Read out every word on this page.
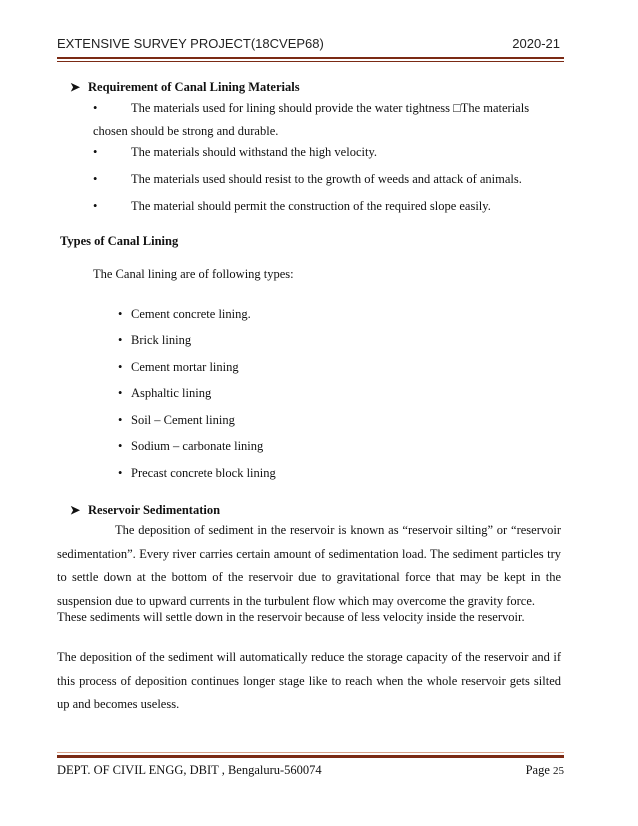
EXTENSIVE SURVEY PROJECT(18CVEP68)	2020-21
➤ Requirement of Canal Lining Materials
•	The materials used for lining should provide the water tightness □The materials
chosen should be strong and durable.
•	The materials should withstand the high velocity.
•	The materials used should resist to the growth of weeds and attack of animals.
•	The material should permit the construction of the required slope easily.
Types of Canal Lining
The Canal lining are of following types:
• Cement concrete lining.
• Brick lining
• Cement mortar lining
• Asphaltic lining
• Soil – Cement lining
• Sodium – carbonate lining
• Precast concrete block lining
➤ Reservoir Sedimentation
The deposition of sediment in the reservoir is known as “reservoir silting” or “reservoir sedimentation”. Every river carries certain amount of sedimentation load. The sediment particles try to settle down at the bottom of the reservoir due to gravitational force that may be kept in the suspension due to upward currents in the turbulent flow which may overcome the gravity force.
These sediments will settle down in the reservoir because of less velocity inside the reservoir.
The deposition of the sediment will automatically reduce the storage capacity of the reservoir and if this process of deposition continues longer stage like to reach when the whole reservoir gets silted up and becomes useless.
DEPT. OF CIVIL ENGG, DBIT , Bengaluru-560074	Page 25
